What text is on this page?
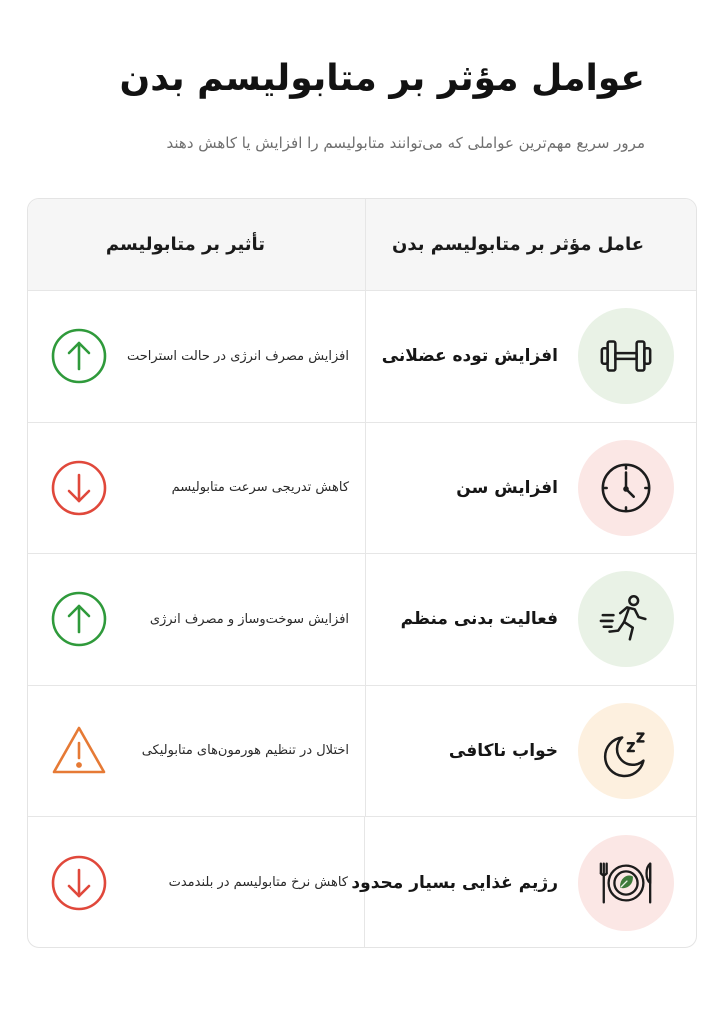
عوامل مؤثر بر متابولیسم بدن
مرور سریع مهم‌ترین عواملی که می‌توانند متابولیسم را افزایش یا کاهش دهند
عامل مؤثر بر متابولیسم بدن
تأثیر بر متابولیسم
افزایش توده عضلانی
افزایش مصرف انرژی در حالت استراحت
افزایش سن
کاهش تدریجی سرعت متابولیسم
فعالیت بدنی منظم
افزایش سوخت‌وساز و مصرف انرژی
خواب ناکافی
اختلال در تنظیم هورمون‌های متابولیکی
رژیم غذایی بسیار محدود
کاهش نرخ متابولیسم در بلندمدت
